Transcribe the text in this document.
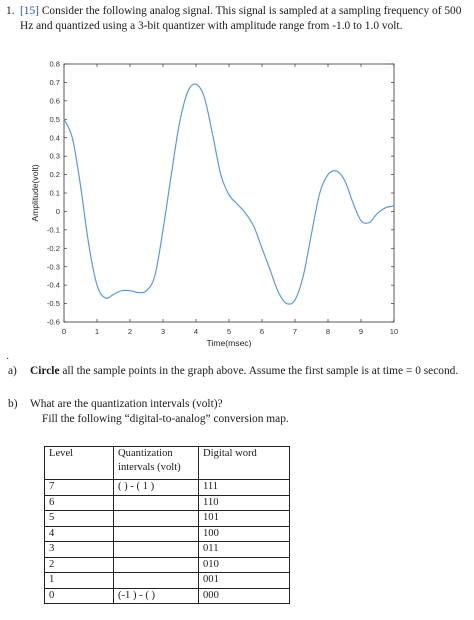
1. [15] Consider the following analog signal. This signal is sampled at a sampling frequency of 500 Hz and quantized using a 3-bit quantizer with amplitude range from -1.0 to 1.0 volt.
0.8
0.7
0.6
0.5
0.4
0.3
0.2
0.1
0
-0.1
-0.2
-0.3
-0.4
-0.5
-0.6
0	1	2	3	4	5	6	7	8	9	10
Time(msec)
Amplitude(volt)
·
a) Circle all the sample points in the graph above. Assume the first sample is at time = 0 second.
b) What are the quantization intervals (volt)?
Fill the following “digital-to-analog” conversion map.
Level	Quantization intervals (volt)	Digital word
7	( ) - ( 1 )	111
6		110
5		101
4		100
3		011
2		010
1		001
0	(-1 ) - ( )	000
